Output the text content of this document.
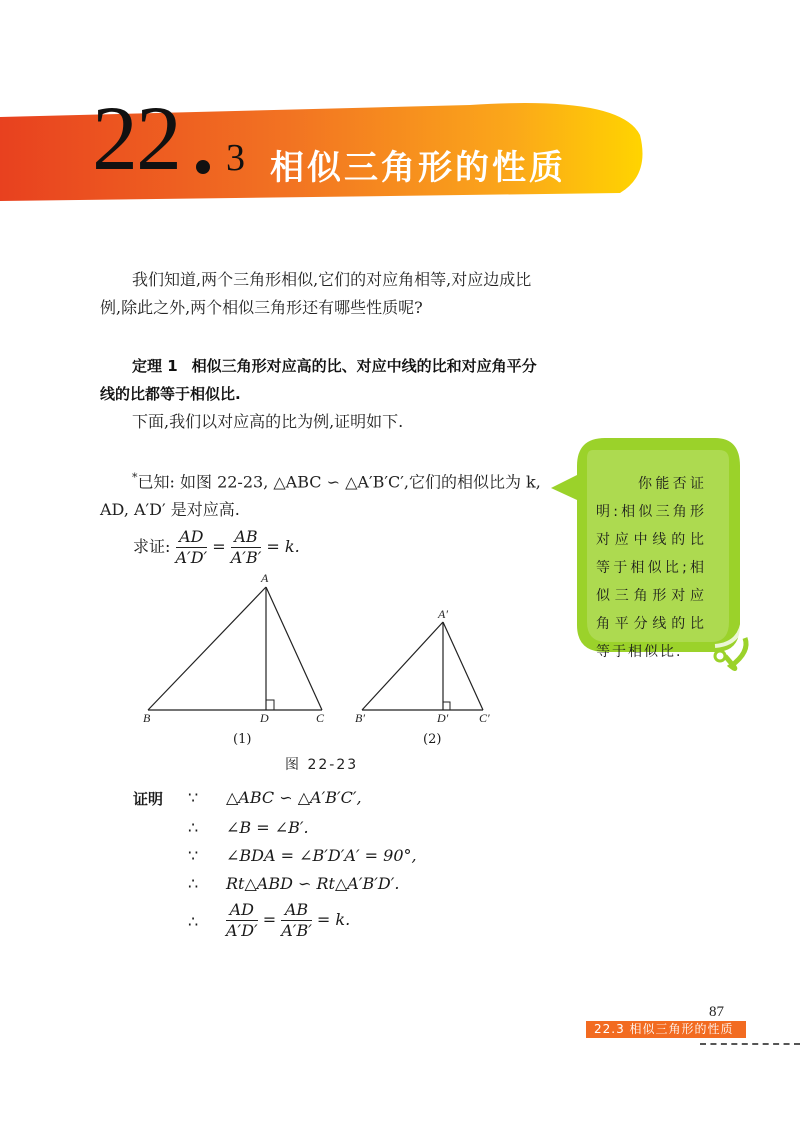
22 3 相似三角形的性质
我们知道,两个三角形相似,它们的对应角相等,对应边成比例,除此之外,两个相似三角形还有哪些性质呢?
定理 1 相似三角形对应高的比、对应中线的比和对应角平分线的比都等于相似比.
下面,我们以对应高的比为例,证明如下.
*已知: 如图 22-23, △ABC ∽ △A′B′C′,它们的相似比为 k, AD, A′D′ 是对应高.
求证: $\frac{AD}{A'D'} = \frac{AB}{A'B'} = k$.
A
B	C
D
A′
B′	C′
D′
(1)	(2)
图 22-23
证明 ∵ △ABC ∽ △A′B′C′,
∴ ∠B = ∠B′.
∵ ∠BDA = ∠B′D′A′ = 90°,
∴ Rt△ABD ∽ Rt△A′B′D′.
∴ $\frac{AD}{A'D'} = \frac{AB}{A'B'} = k$.
你能否证明:相似三角形对应中线的比等于相似比;相似三角形对应角平分线的比等于相似比.
87
22.3 相似三角形的性质
